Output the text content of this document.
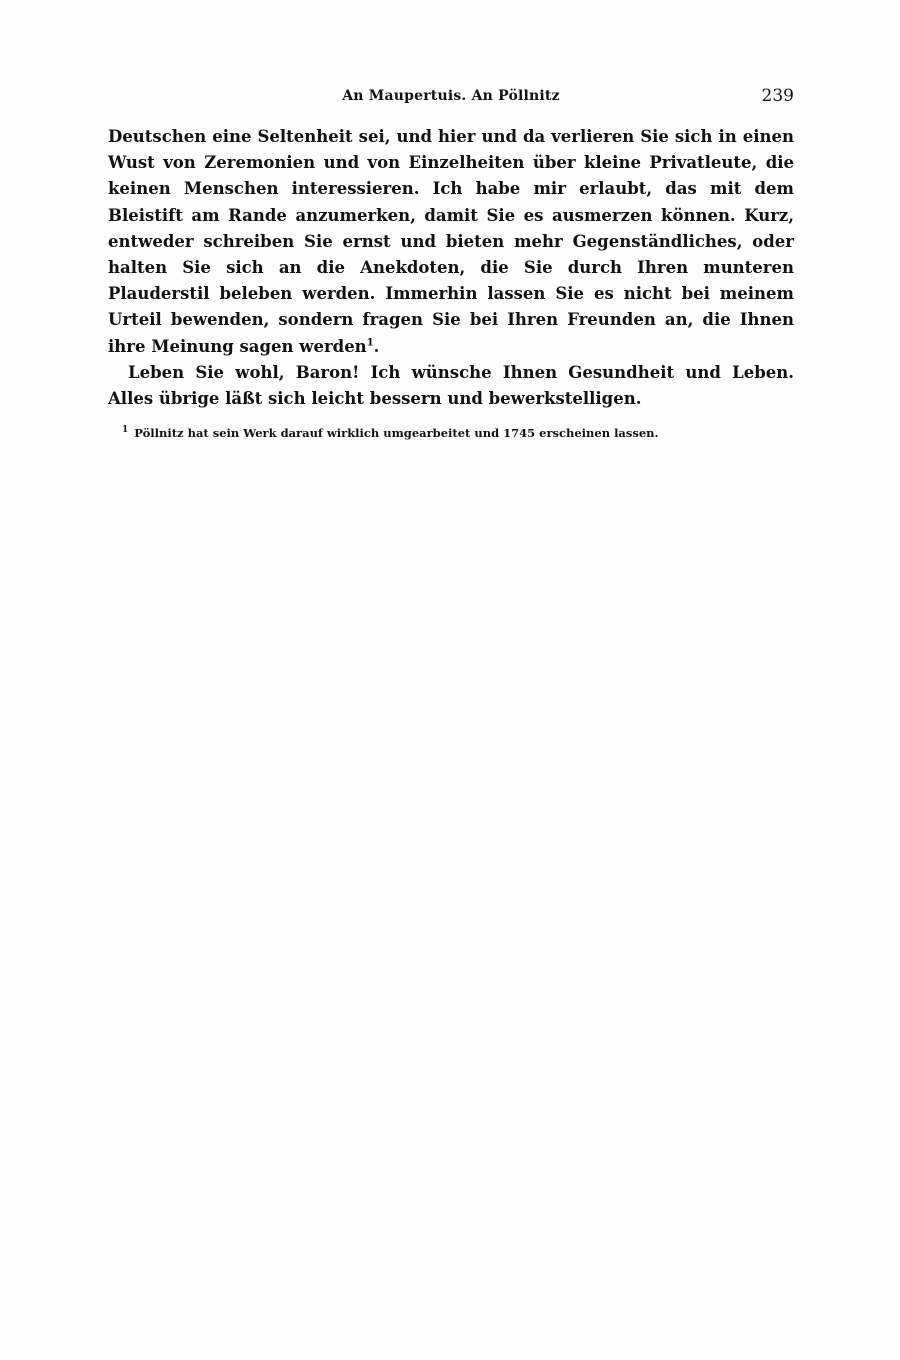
An Maupertuis. An Pöllnitz	239

Deutschen eine Seltenheit sei, und hier und da verlieren Sie sich in einen Wust von Zeremonien und von Einzelheiten über kleine Privatleute, die keinen Menschen interessieren. Ich habe mir erlaubt, das mit dem Bleistift am Rande anzumerken, damit Sie es ausmerzen können. Kurz, entweder schreiben Sie ernst und bieten mehr Gegenständliches, oder halten Sie sich an die Anekdoten, die Sie durch Ihren munteren Plauderstil beleben werden. Immerhin lassen Sie es nicht bei meinem Urteil bewenden, sondern fragen Sie bei Ihren Freunden an, die Ihnen ihre Meinung sagen werden$^1$.

Leben Sie wohl, Baron! Ich wünsche Ihnen Gesundheit und Leben. Alles übrige läßt sich leicht bessern und bewerkstelligen.

$^1$ Pöllnitz hat sein Werk darauf wirklich umgearbeitet und 1745 erscheinen lassen.
